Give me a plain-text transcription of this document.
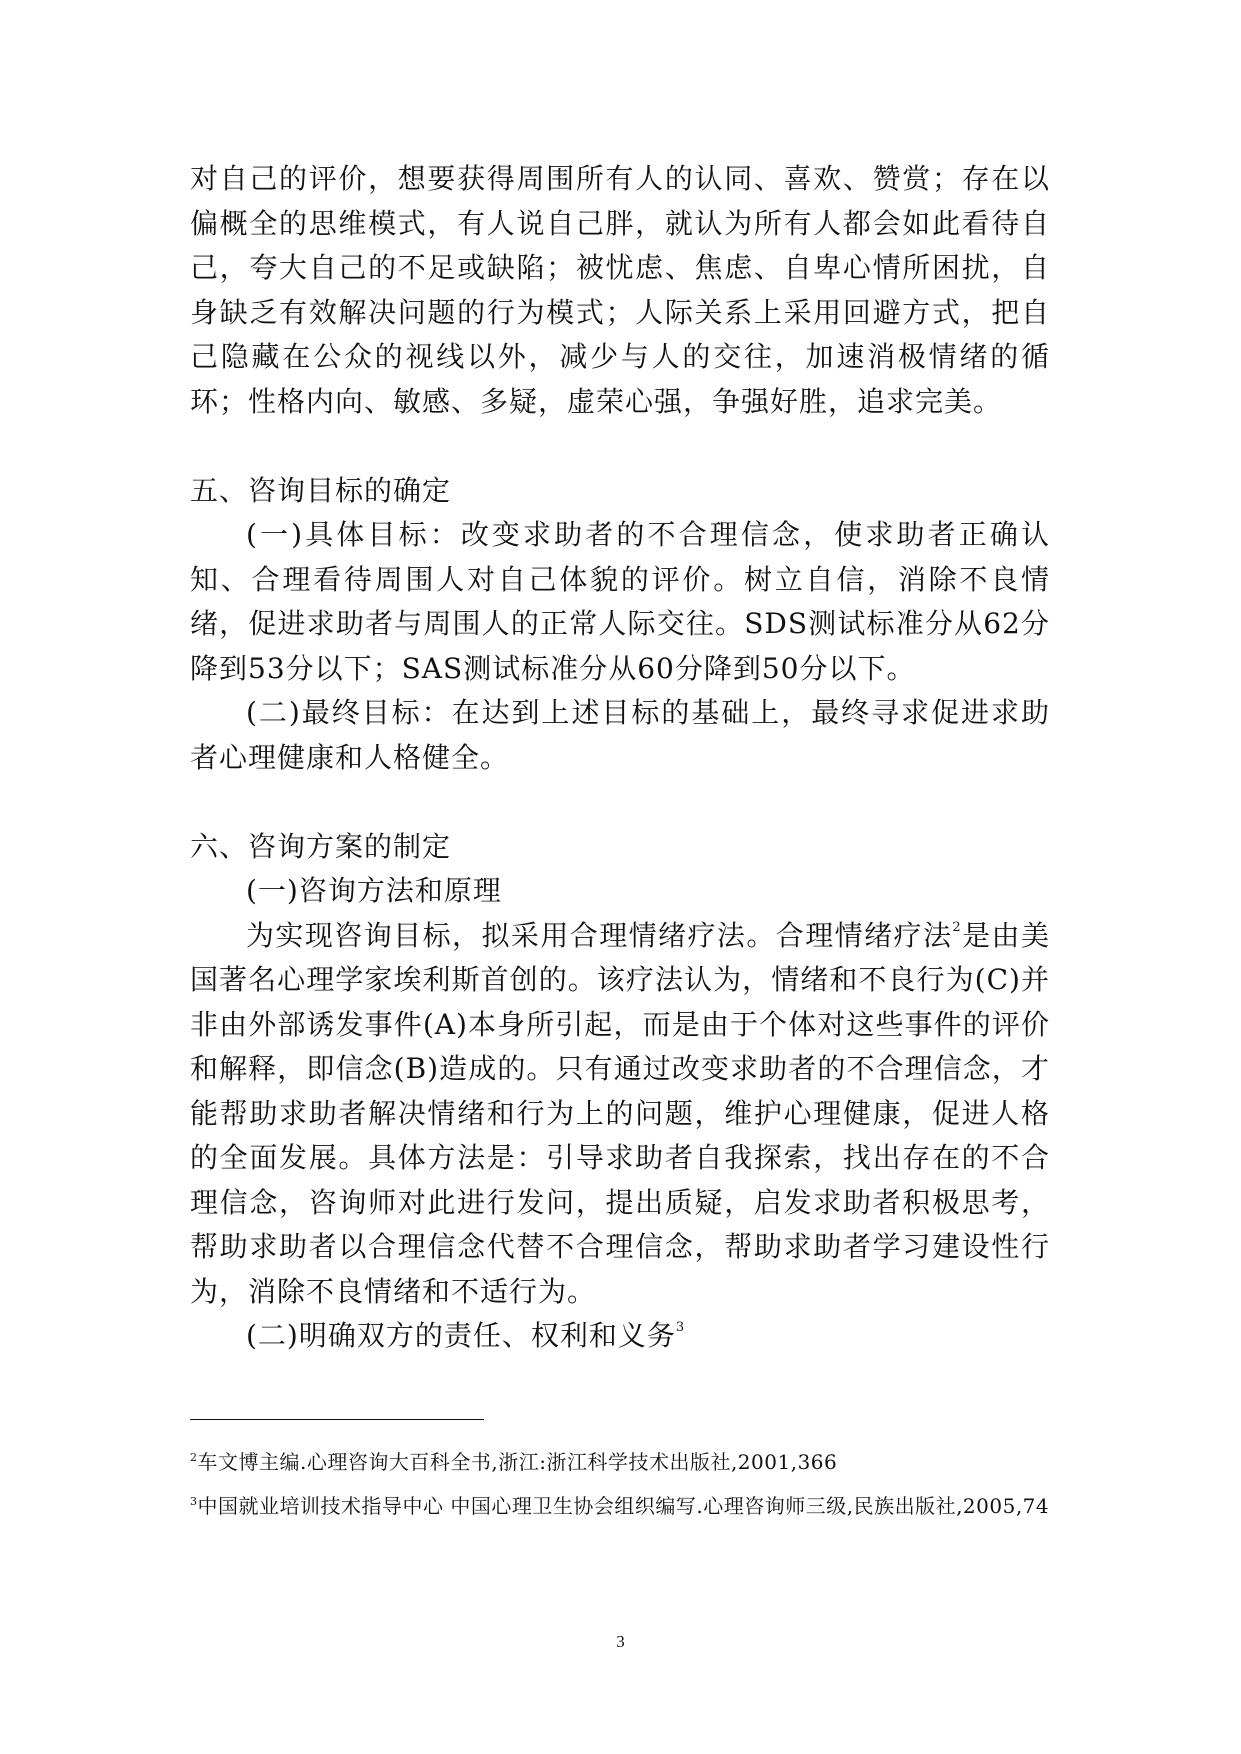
对自己的评价，想要获得周围所有人的认同、喜欢、赞赏；存在以偏概全的思维模式，有人说自己胖，就认为所有人都会如此看待自己，夸大自己的不足或缺陷；被忧虑、焦虑、自卑心情所困扰，自身缺乏有效解决问题的行为模式；人际关系上采用回避方式，把自己隐藏在公众的视线以外，减少与人的交往，加速消极情绪的循环；性格内向、敏感、多疑，虚荣心强，争强好胜，追求完美。

五、咨询目标的确定

(一)具体目标：改变求助者的不合理信念，使求助者正确认知、合理看待周围人对自己体貌的评价。树立自信，消除不良情绪，促进求助者与周围人的正常人际交往。SDS测试标准分从62分降到53分以下；SAS测试标准分从60分降到50分以下。

(二)最终目标：在达到上述目标的基础上，最终寻求促进求助者心理健康和人格健全。

六、咨询方案的制定

(一)咨询方法和原理

为实现咨询目标，拟采用合理情绪疗法。合理情绪疗法$^2$是由美国著名心理学家埃利斯首创的。该疗法认为，情绪和不良行为(C)并非由外部诱发事件(A)本身所引起，而是由于个体对这些事件的评价和解释，即信念(B)造成的。只有通过改变求助者的不合理信念，才能帮助求助者解决情绪和行为上的问题，维护心理健康，促进人格的全面发展。具体方法是：引导求助者自我探索，找出存在的不合理信念，咨询师对此进行发问，提出质疑，启发求助者积极思考，帮助求助者以合理信念代替不合理信念，帮助求助者学习建设性行为，消除不良情绪和不适行为。

(二)明确双方的责任、权利和义务$^3$

$^2$车文博主编.心理咨询大百科全书,浙江:浙江科学技术出版社,2001,366

$^3$中国就业培训技术指导中心 中国心理卫生协会组织编写.心理咨询师三级,民族出版社,2005,74

3
